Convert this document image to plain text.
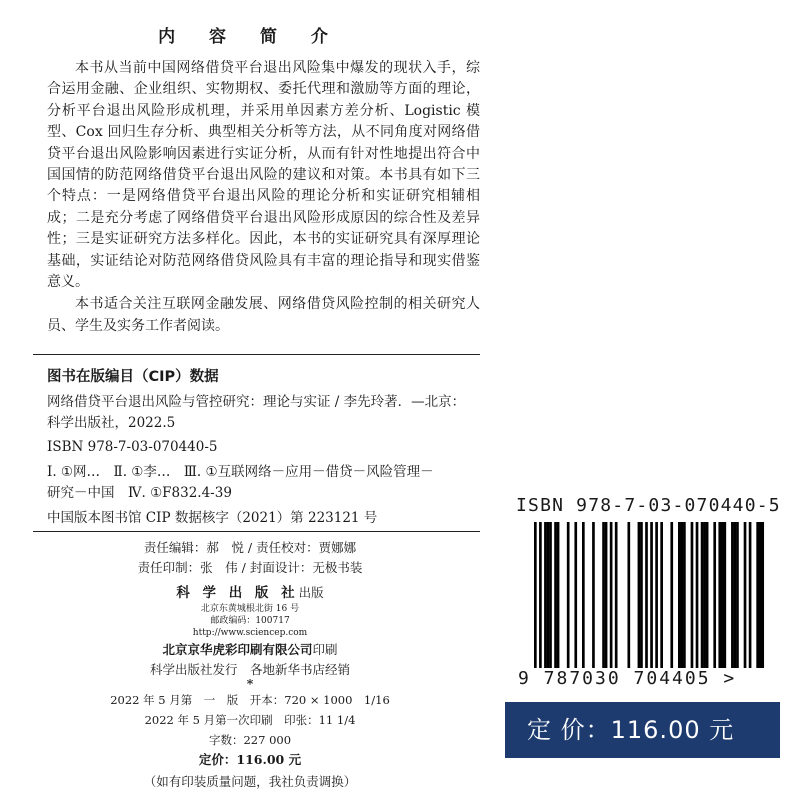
内 容 简 介

本书从当前中国网络借贷平台退出风险集中爆发的现状入手，综合运用金融、企业组织、实物期权、委托代理和激励等方面的理论，分析平台退出风险形成机理，并采用单因素方差分析、Logistic 模型、Cox 回归生存分析、典型相关分析等方法，从不同角度对网络借贷平台退出风险影响因素进行实证分析，从而有针对性地提出符合中国国情的防范网络借贷平台退出风险的建议和对策。本书具有如下三个特点：一是网络借贷平台退出风险的理论分析和实证研究相辅相成；二是充分考虑了网络借贷平台退出风险形成原因的综合性及差异性；三是实证研究方法多样化。因此，本书的实证研究具有深厚理论基础，实证结论对防范网络借贷风险具有丰富的理论指导和现实借鉴意义。

本书适合关注互联网金融发展、网络借贷风险控制的相关研究人员、学生及实务工作者阅读。

图书在版编目（CIP）数据
网络借贷平台退出风险与管控研究：理论与实证 / 李先玲著．—北京：
科学出版社，2022.5
ISBN 978-7-03-070440-5
Ⅰ. ①网…　Ⅱ. ①李…　Ⅲ. ①互联网络－应用－借贷－风险管理－
研究－中国　Ⅳ. ①F832.4-39
中国版本图书馆 CIP 数据核字（2021）第 223121 号
责任编辑：郝　悦 / 责任校对：贾娜娜
责任印制：张　伟 / 封面设计：无极书装
科 学 出 版 社出版
北京东黄城根北街 16 号
邮政编码：100717
http://www.sciencep.com
北京京华虎彩印刷有限公司印刷
科学出版社发行　各地新华书店经销
*
2022 年 5 月第　一　版　开本：720 × 1000　1/16
2022 年 5 月第一次印刷　印张：11 1/4
字数：227 000
定价：116.00 元
（如有印装质量问题，我社负责调换）
ISBN 978-7-03-070440-5
9 787030 704405 >
定 价：116.00 元
